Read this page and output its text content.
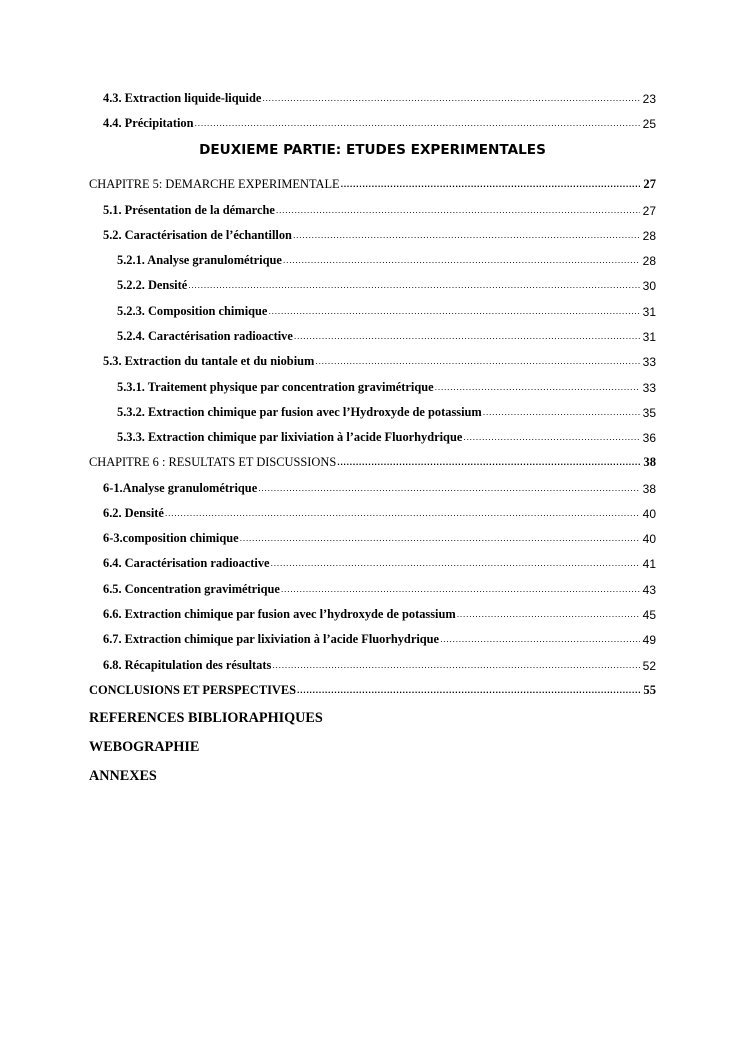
4.3. Extraction liquide-liquide .....	23
4.4. Précipitation .....	25
DEUXIEME PARTIE: ETUDES EXPERIMENTALES
CHAPITRE 5: DEMARCHE EXPERIMENTALE .....	27
5.1. Présentation de la démarche .....	27
5.2. Caractérisation de l’échantillon .....	28
5.2.1. Analyse granulométrique .....	28
5.2.2. Densité .....	30
5.2.3. Composition chimique .....	31
5.2.4. Caractérisation radioactive .....	31
5.3. Extraction du tantale et du niobium .....	33
5.3.1. Traitement physique par concentration gravimétrique .....	33
5.3.2. Extraction chimique par fusion avec l’Hydroxyde de potassium .....	35
5.3.3. Extraction chimique par lixiviation à l’acide Fluorhydrique .....	36
CHAPITRE 6 : RESULTATS ET DISCUSSIONS .....	38
6-1.Analyse granulométrique .....	38
6.2. Densité .....	40
6-3.composition chimique .....	40
6.4. Caractérisation radioactive .....	41
6.5. Concentration gravimétrique .....	43
6.6. Extraction chimique par fusion avec l’hydroxyde de potassium .....	45
6.7. Extraction chimique par lixiviation à l’acide Fluorhydrique .....	49
6.8. Récapitulation des résultats .....	52
CONCLUSIONS ET PERSPECTIVES .....	55
REFERENCES BIBLIORAPHIQUES
WEBOGRAPHIE
ANNEXES
